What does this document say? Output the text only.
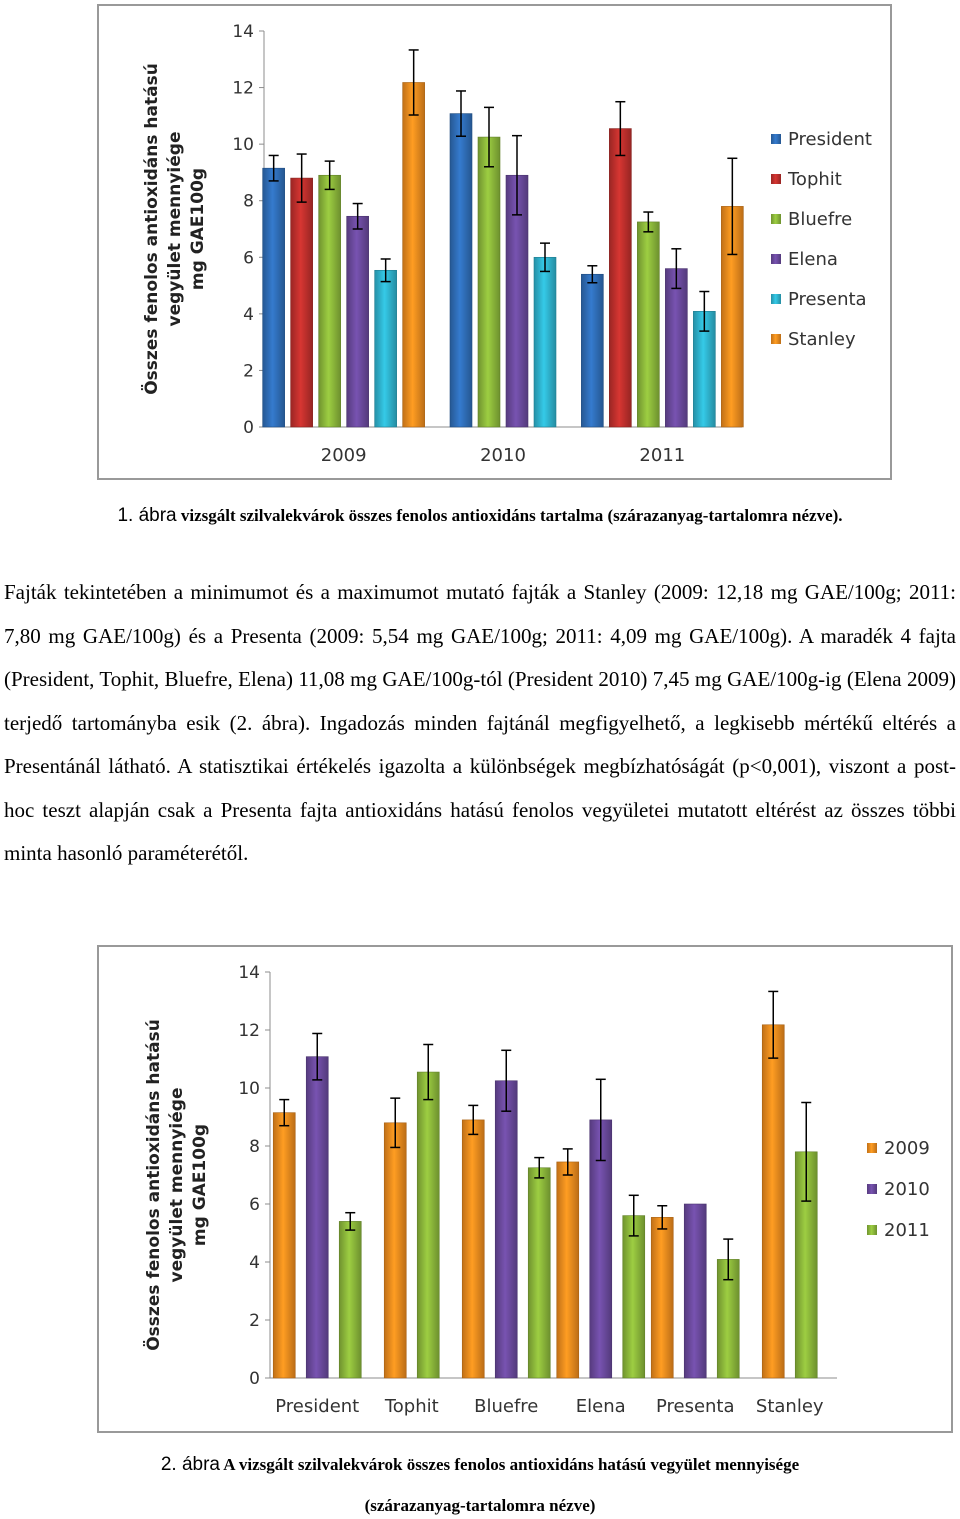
0
2
4
6
8
10
12
14
Összes fenolos antioxidáns hatású vegyület mennyiége mg GAE100g
2009	2010	2011
President
Tophit
Bluefre
Elena
Presenta
Stanley
1. ábra vizsgált szilvalekvárok összes fenolos antioxidáns tartalma (szárazanyag-tartalomra nézve).

Fajták tekintetében a minimumot és a maximumot mutató fajták a Stanley (2009: 12,18 mg GAE/100g; 2011: 7,80 mg GAE/100g) és a Presenta (2009: 5,54 mg GAE/100g; 2011: 4,09 mg GAE/100g). A maradék 4 fajta (President, Tophit, Bluefre, Elena) 11,08 mg GAE/100g-tól (President 2010) 7,45 mg GAE/100g-ig (Elena 2009) terjedő tartományba esik (2. ábra). Ingadozás minden fajtánál megfigyelhető, a legkisebb mértékű eltérés a Presentánál látható. A statisztikai értékelés igazolta a különbségek megbízhatóságát (p<0,001), viszont a post-hoc teszt alapján csak a Presenta fajta antioxidáns hatású fenolos vegyületei mutatott eltérést az összes többi minta hasonló paraméterétől.

0
2
4
6
8
10
12
14
Összes fenolos antioxidáns hatású vegyület mennyiége mg GAE100g
President Tophit Bluefre Elena Presenta Stanley
2009
2010
2011
2. ábra A vizsgált szilvalekvárok összes fenolos antioxidáns hatású vegyület mennyisége
(szárazanyag-tartalomra nézve)
